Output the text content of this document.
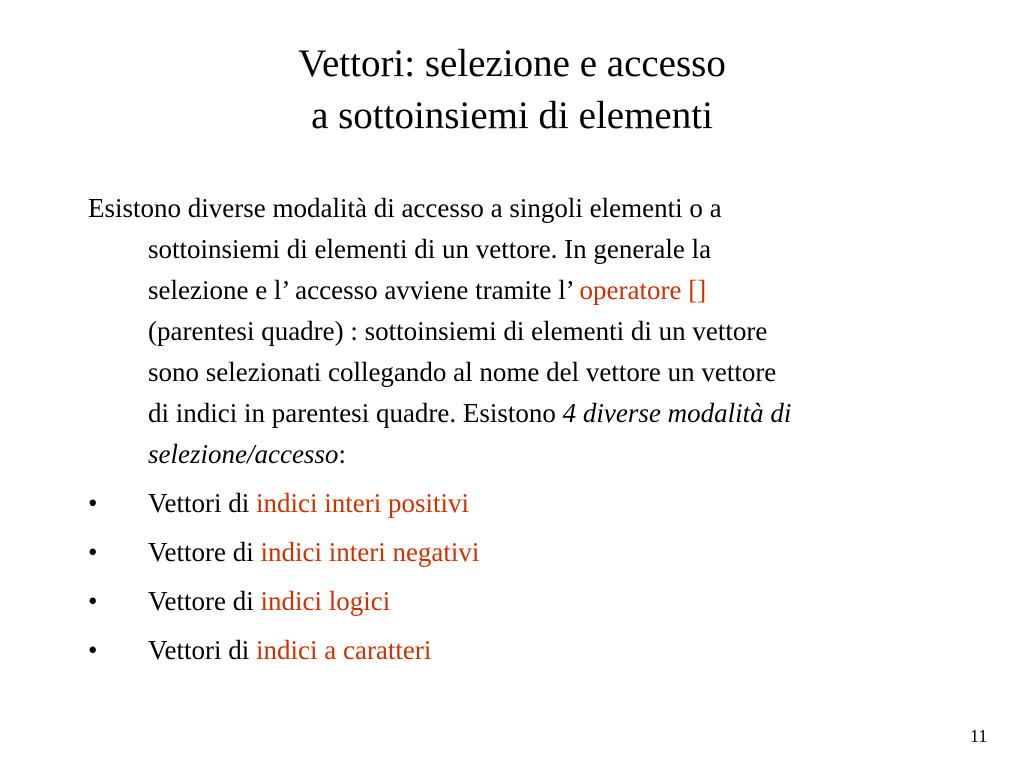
Vettori: selezione e accesso
a sottoinsiemi di elementi

Esistono diverse modalità di accesso a singoli elementi o a
sottoinsiemi di elementi di un vettore. In generale la
selezione e l’ accesso avviene tramite l’ operatore []
(parentesi quadre) : sottoinsiemi di elementi di un vettore
sono selezionati collegando al nome del vettore un vettore
di indici in parentesi quadre. Esistono 4 diverse modalità di
selezione/accesso:

• Vettori di indici interi positivi
• Vettore di indici interi negativi
• Vettore di indici logici
• Vettori di indici a caratteri
11
